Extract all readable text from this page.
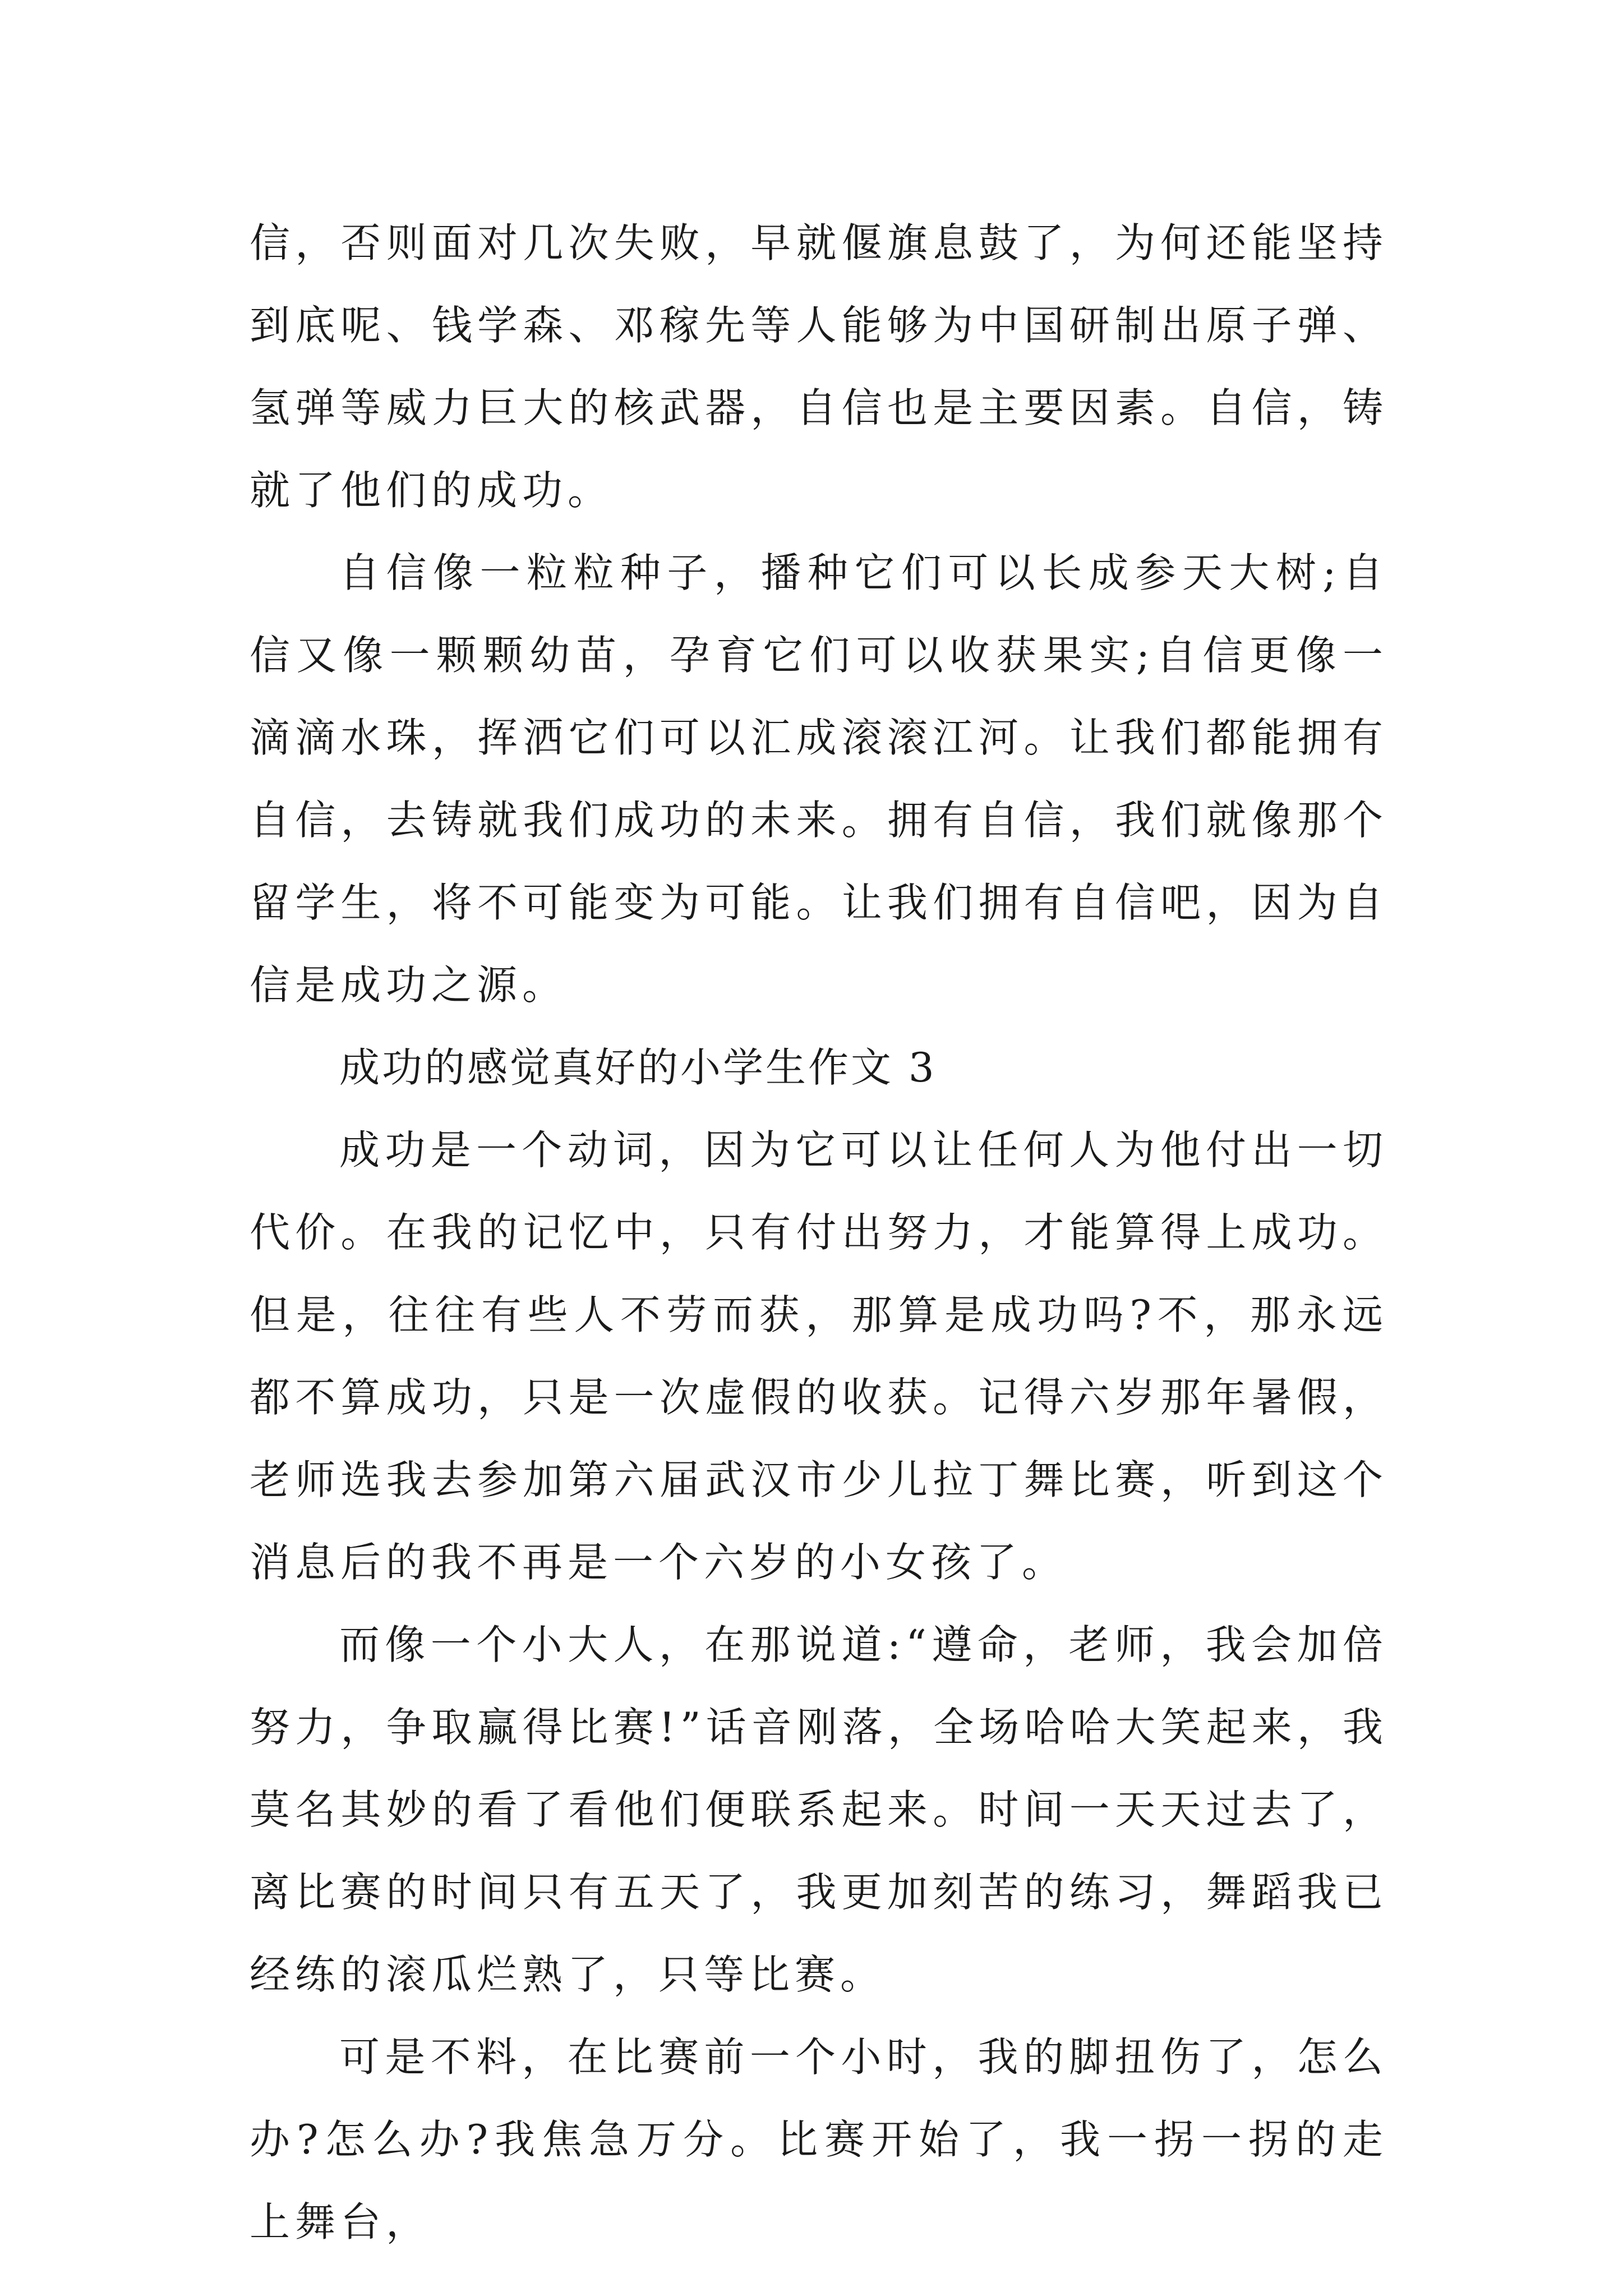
信，否则面对几次失败，早就偃旗息鼓了，为何还能坚持到底呢、钱学森、邓稼先等人能够为中国研制出原子弹、氢弹等威力巨大的核武器，自信也是主要因素。自信，铸就了他们的成功。

自信像一粒粒种子，播种它们可以长成参天大树;自信又像一颗颗幼苗，孕育它们可以收获果实;自信更像一滴滴水珠，挥洒它们可以汇成滚滚江河。让我们都能拥有自信，去铸就我们成功的未来。拥有自信，我们就像那个留学生，将不可能变为可能。让我们拥有自信吧，因为自信是成功之源。

成功的感觉真好的小学生作文 3

成功是一个动词，因为它可以让任何人为他付出一切代价。在我的记忆中，只有付出努力，才能算得上成功。但是，往往有些人不劳而获，那算是成功吗?不，那永远都不算成功，只是一次虚假的收获。记得六岁那年暑假，老师选我去参加第六届武汉市少儿拉丁舞比赛，听到这个消息后的我不再是一个六岁的小女孩了。

而像一个小大人，在那说道:“遵命，老师，我会加倍努力，争取赢得比赛!”话音刚落，全场哈哈大笑起来，我莫名其妙的看了看他们便联系起来。时间一天天过去了，离比赛的时间只有五天了，我更加刻苦的练习，舞蹈我已经练的滚瓜烂熟了，只等比赛。

可是不料，在比赛前一个小时，我的脚扭伤了，怎么办?怎么办?我焦急万分。比赛开始了，我一拐一拐的走上舞台，
